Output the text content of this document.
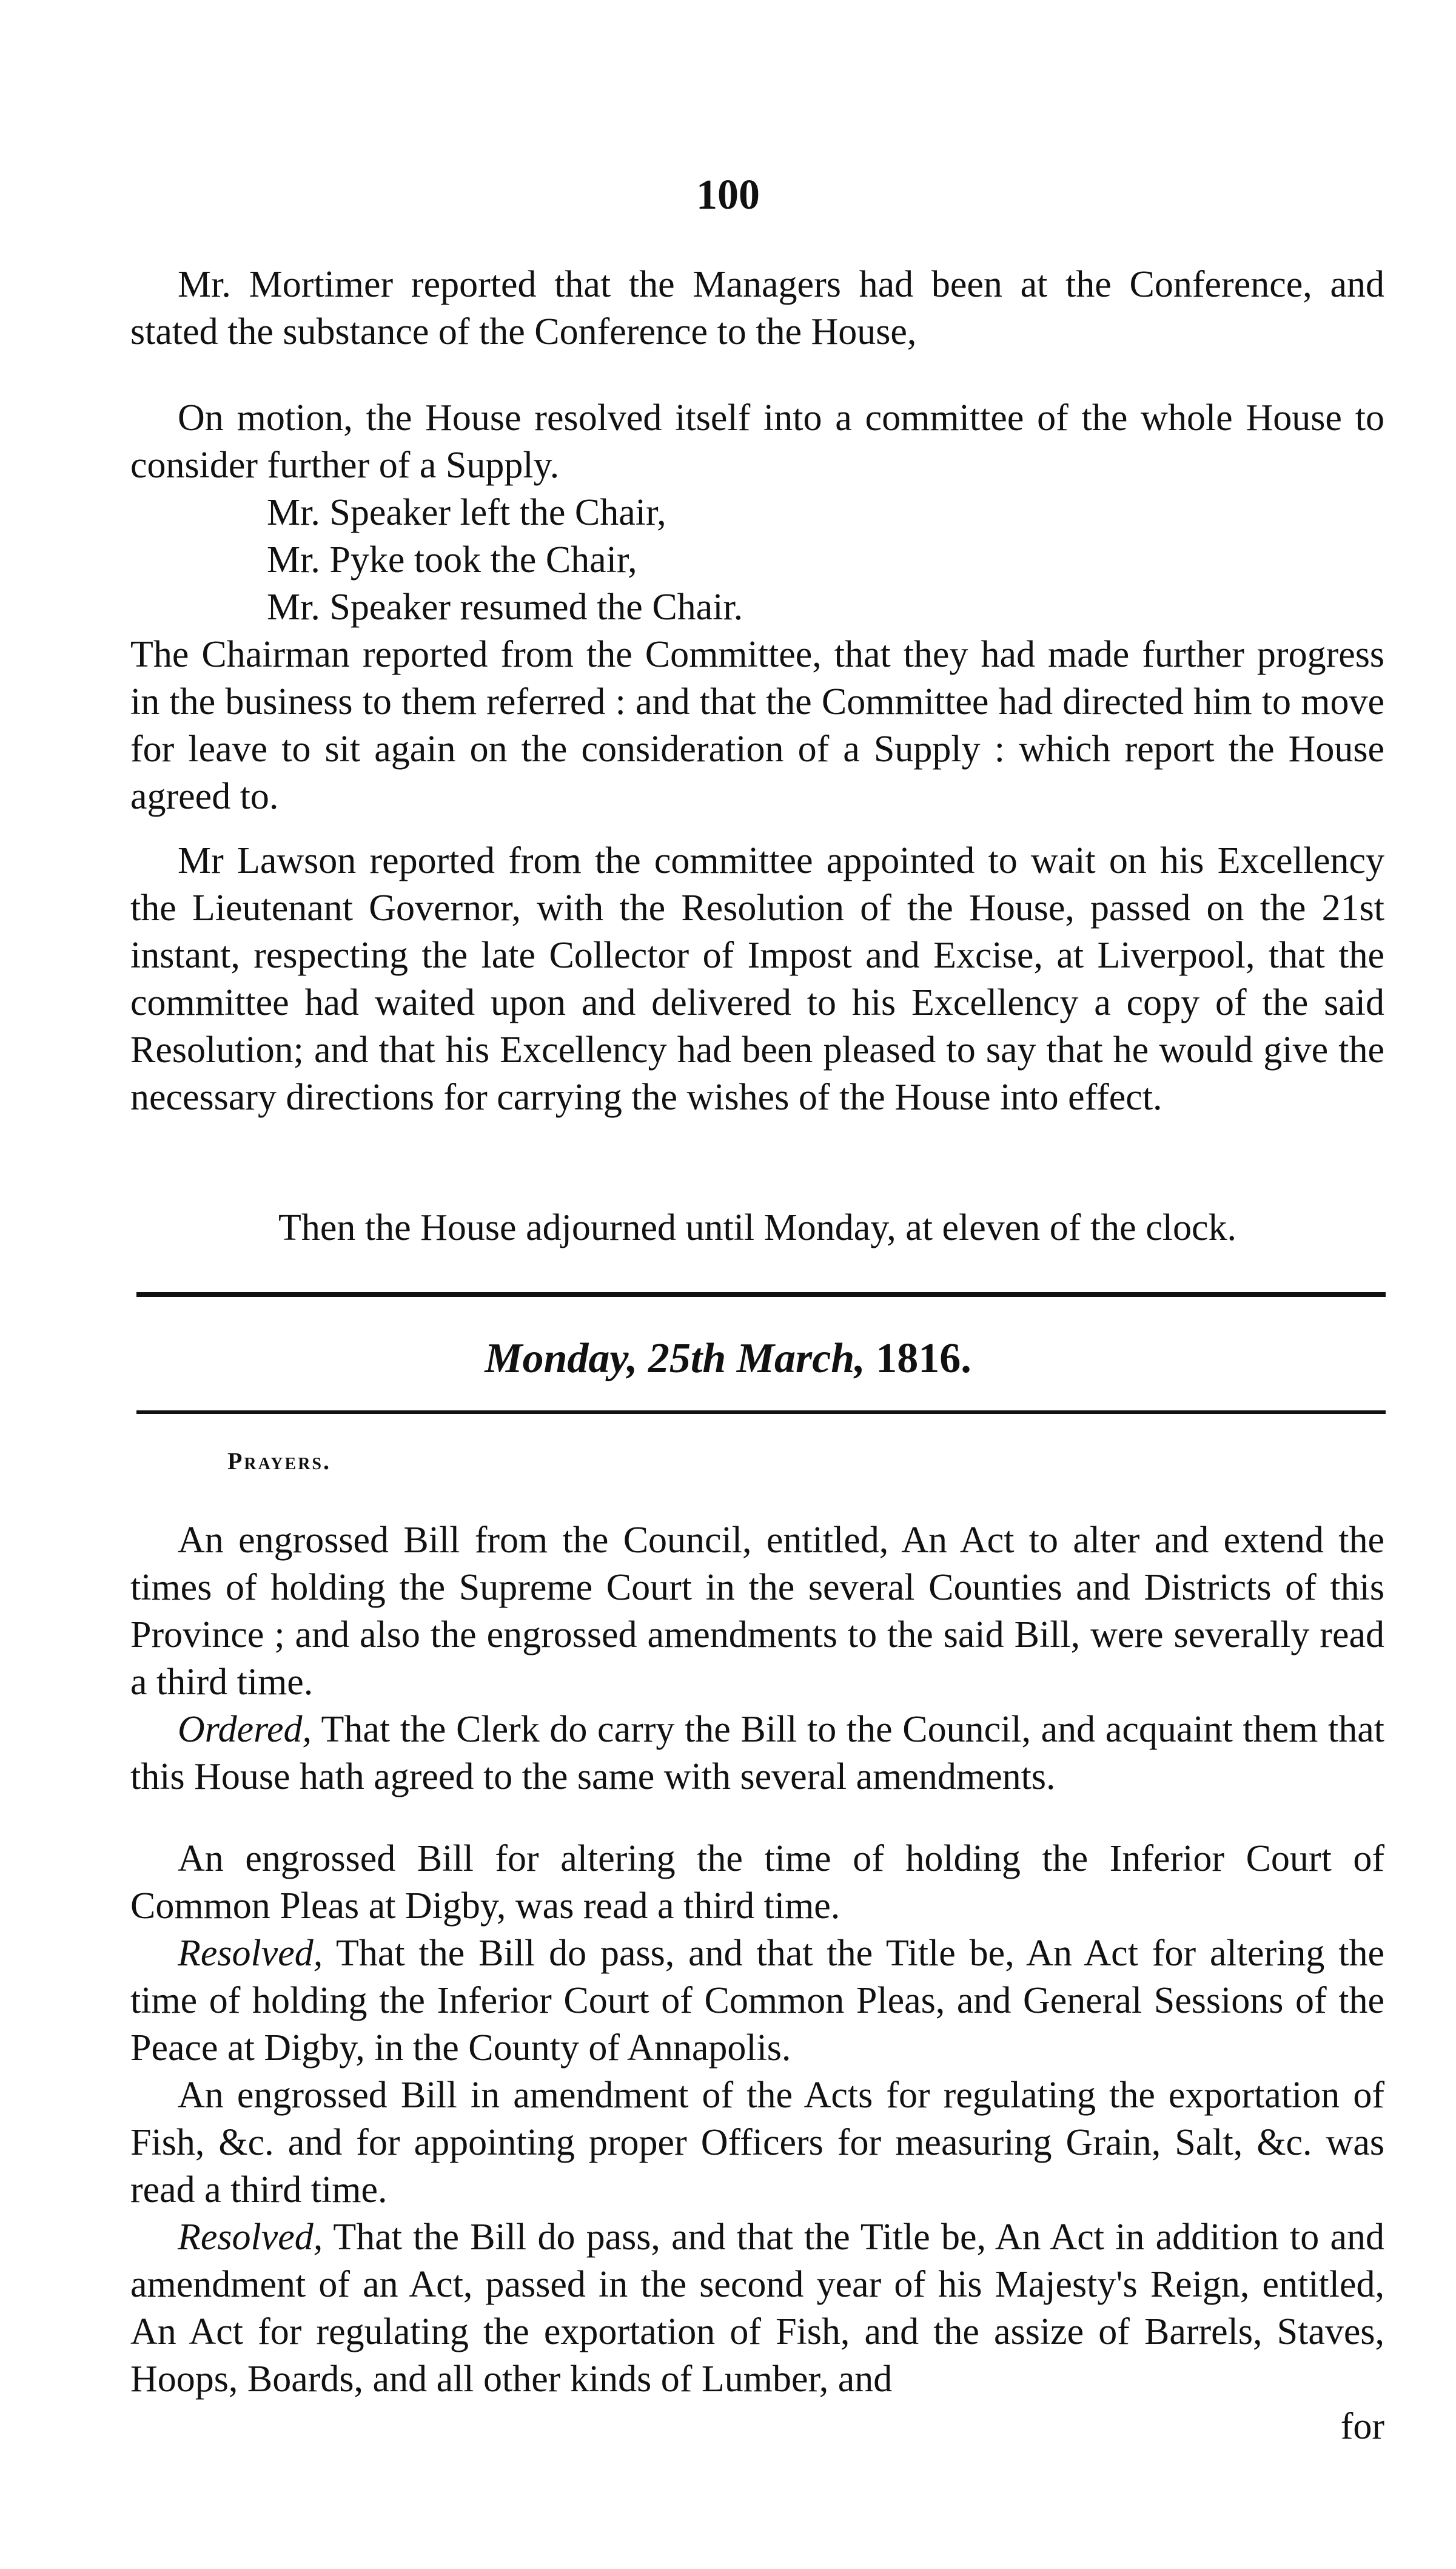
100

Mr. Mortimer reported that the Managers had been at the Conference, and stated the substance of the Conference to the House,

On motion, the House resolved itself into a committee of the whole House to consider further of a Supply.

Mr. Speaker left the Chair,

Mr. Pyke took the Chair,

Mr. Speaker resumed the Chair.

The Chairman reported from the Committee, that they had made further progress in the business to them referred : and that the Committee had directed him to move for leave to sit again on the consideration of a Supply : which report the House agreed to.

Mr Lawson reported from the committee appointed to wait on his Excellency the Lieutenant Governor, with the Resolution of the House, passed on the 21st instant, respecting the late Collector of Impost and Excise, at Liverpool, that the committee had waited upon and delivered to his Excellency a copy of the said Resolution; and that his Excellency had been pleased to say that he would give the necessary directions for carrying the wishes of the House into effect.

Then the House adjourned until Monday, at eleven of the clock.

Monday, 25th March, 1816.
Prayers.

An engrossed Bill from the Council, entitled, An Act to alter and extend the times of holding the Supreme Court in the several Counties and Districts of this Province ; and also the engrossed amendments to the said Bill, were severally read a third time.

Ordered, That the Clerk do carry the Bill to the Council, and acquaint them that this House hath agreed to the same with several amendments.

An engrossed Bill for altering the time of holding the Inferior Court of Common Pleas at Digby, was read a third time.

Resolved, That the Bill do pass, and that the Title be, An Act for altering the time of holding the Inferior Court of Common Pleas, and General Sessions of the Peace at Digby, in the County of Annapolis.

An engrossed Bill in amendment of the Acts for regulating the exportation of Fish, &c. and for appointing proper Officers for measuring Grain, Salt, &c. was read a third time.

Resolved, That the Bill do pass, and that the Title be, An Act in addition to and amendment of an Act, passed in the second year of his Majesty's Reign, entitled, An Act for regulating the exportation of Fish, and the assize of Barrels, Staves, Hoops, Boards, and all other kinds of Lumber, and

for
